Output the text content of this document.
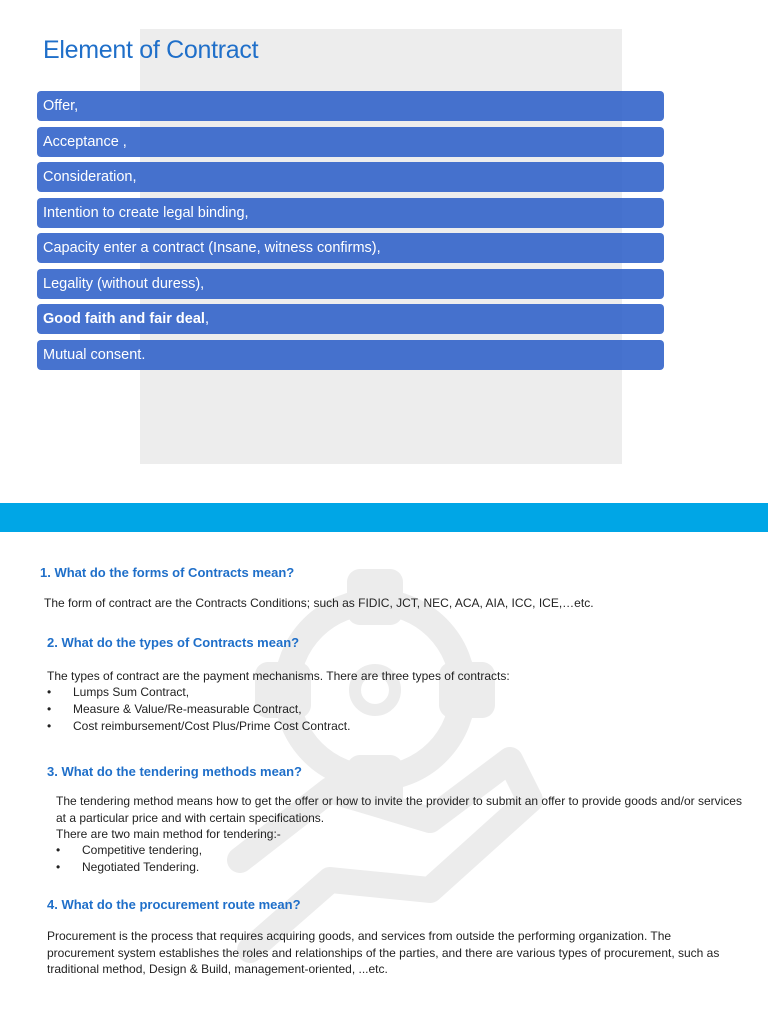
Element of Contract
Offer,
Acceptance ,
Consideration,
Intention to create legal binding,
Capacity enter a contract (Insane, witness confirms),
Legality (without duress),
Good faith and fair deal,
Mutual consent.
1. What do the forms of Contracts mean?

The form of contract are the Contracts Conditions; such as FIDIC, JCT, NEC, ACA, AIA, ICC, ICE,…etc.

2. What do the types of Contracts mean?

The types of contract are the payment mechanisms. There are three types of contracts:

• Lumps Sum Contract,
• Measure & Value/Re-measurable Contract,
• Cost reimbursement/Cost Plus/Prime Cost Contract.
3. What do the tendering methods mean?

The tendering method means how to get the offer or how to invite the provider to submit an offer to provide goods and/or services at a particular price and with certain specifications.

There are two main method for tendering:-

• Competitive tendering,
• Negotiated Tendering.
4. What do the procurement route mean?

Procurement is the process that requires acquiring goods, and services from outside the performing organization. The procurement system establishes the roles and relationships of the parties, and there are various types of procurement, such as traditional method, Design & Build, management-oriented, ...etc.
